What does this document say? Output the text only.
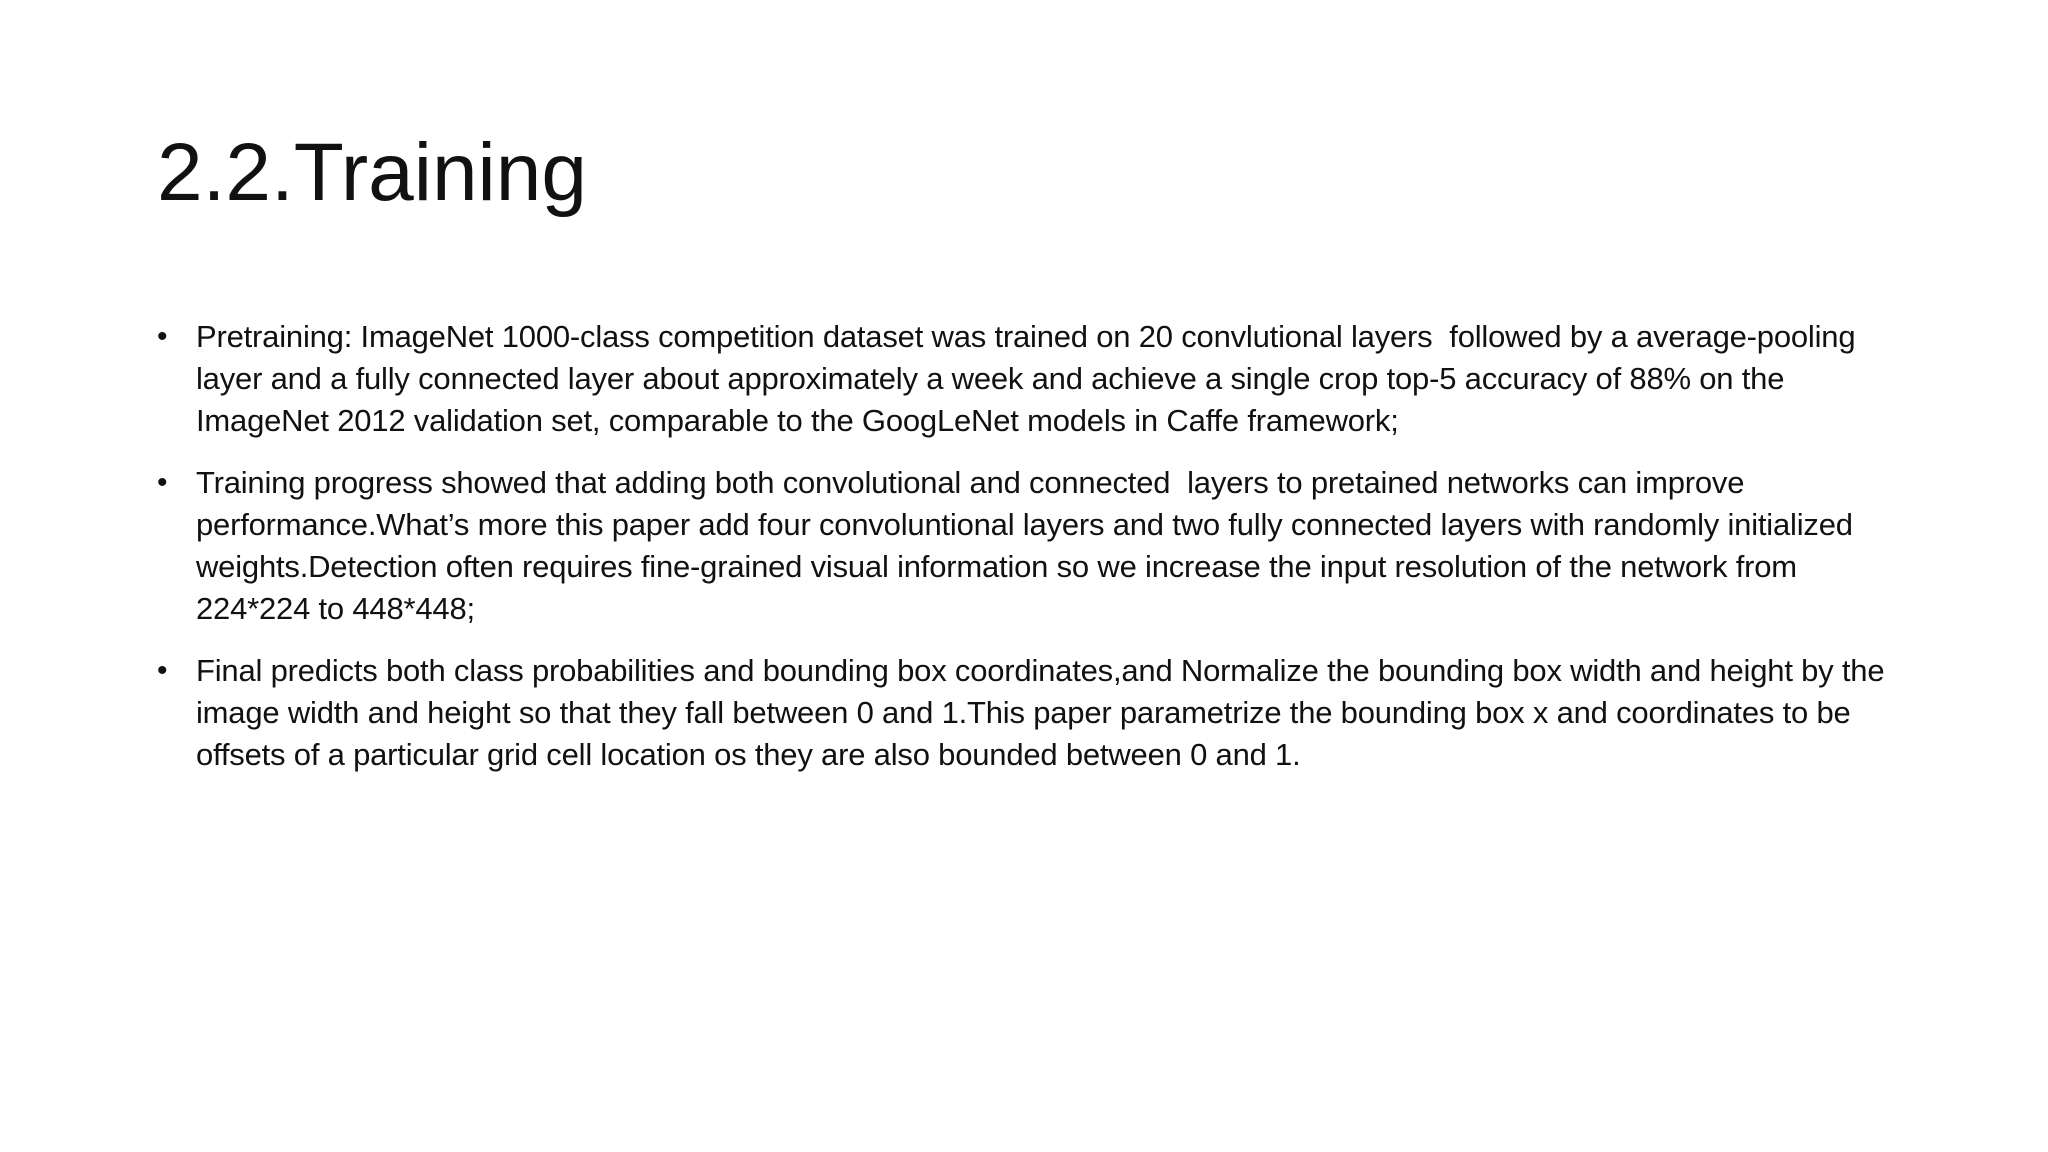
2.2.Training
• Pretraining: ImageNet 1000-class competition dataset was trained on 20 convlutional layers  followed by a average-pooling layer and a fully connected layer about approximately a week and achieve a single crop top-5 accuracy of 88% on the ImageNet 2012 validation set, comparable to the GoogLeNet models in Caffe framework;
• Training progress showed that adding both convolutional and connected  layers to pretained networks can improve performance.What’s more this paper add four convoluntional layers and two fully connected layers with randomly initialized weights.Detection often requires fine-grained visual information so we increase the input resolution of the network from 224*224 to 448*448;
• Final predicts both class probabilities and bounding box coordinates,and Normalize the bounding box width and height by the image width and height so that they fall between 0 and 1.This paper parametrize the bounding box x and coordinates to be offsets of a particular grid cell location os they are also bounded between 0 and 1.
